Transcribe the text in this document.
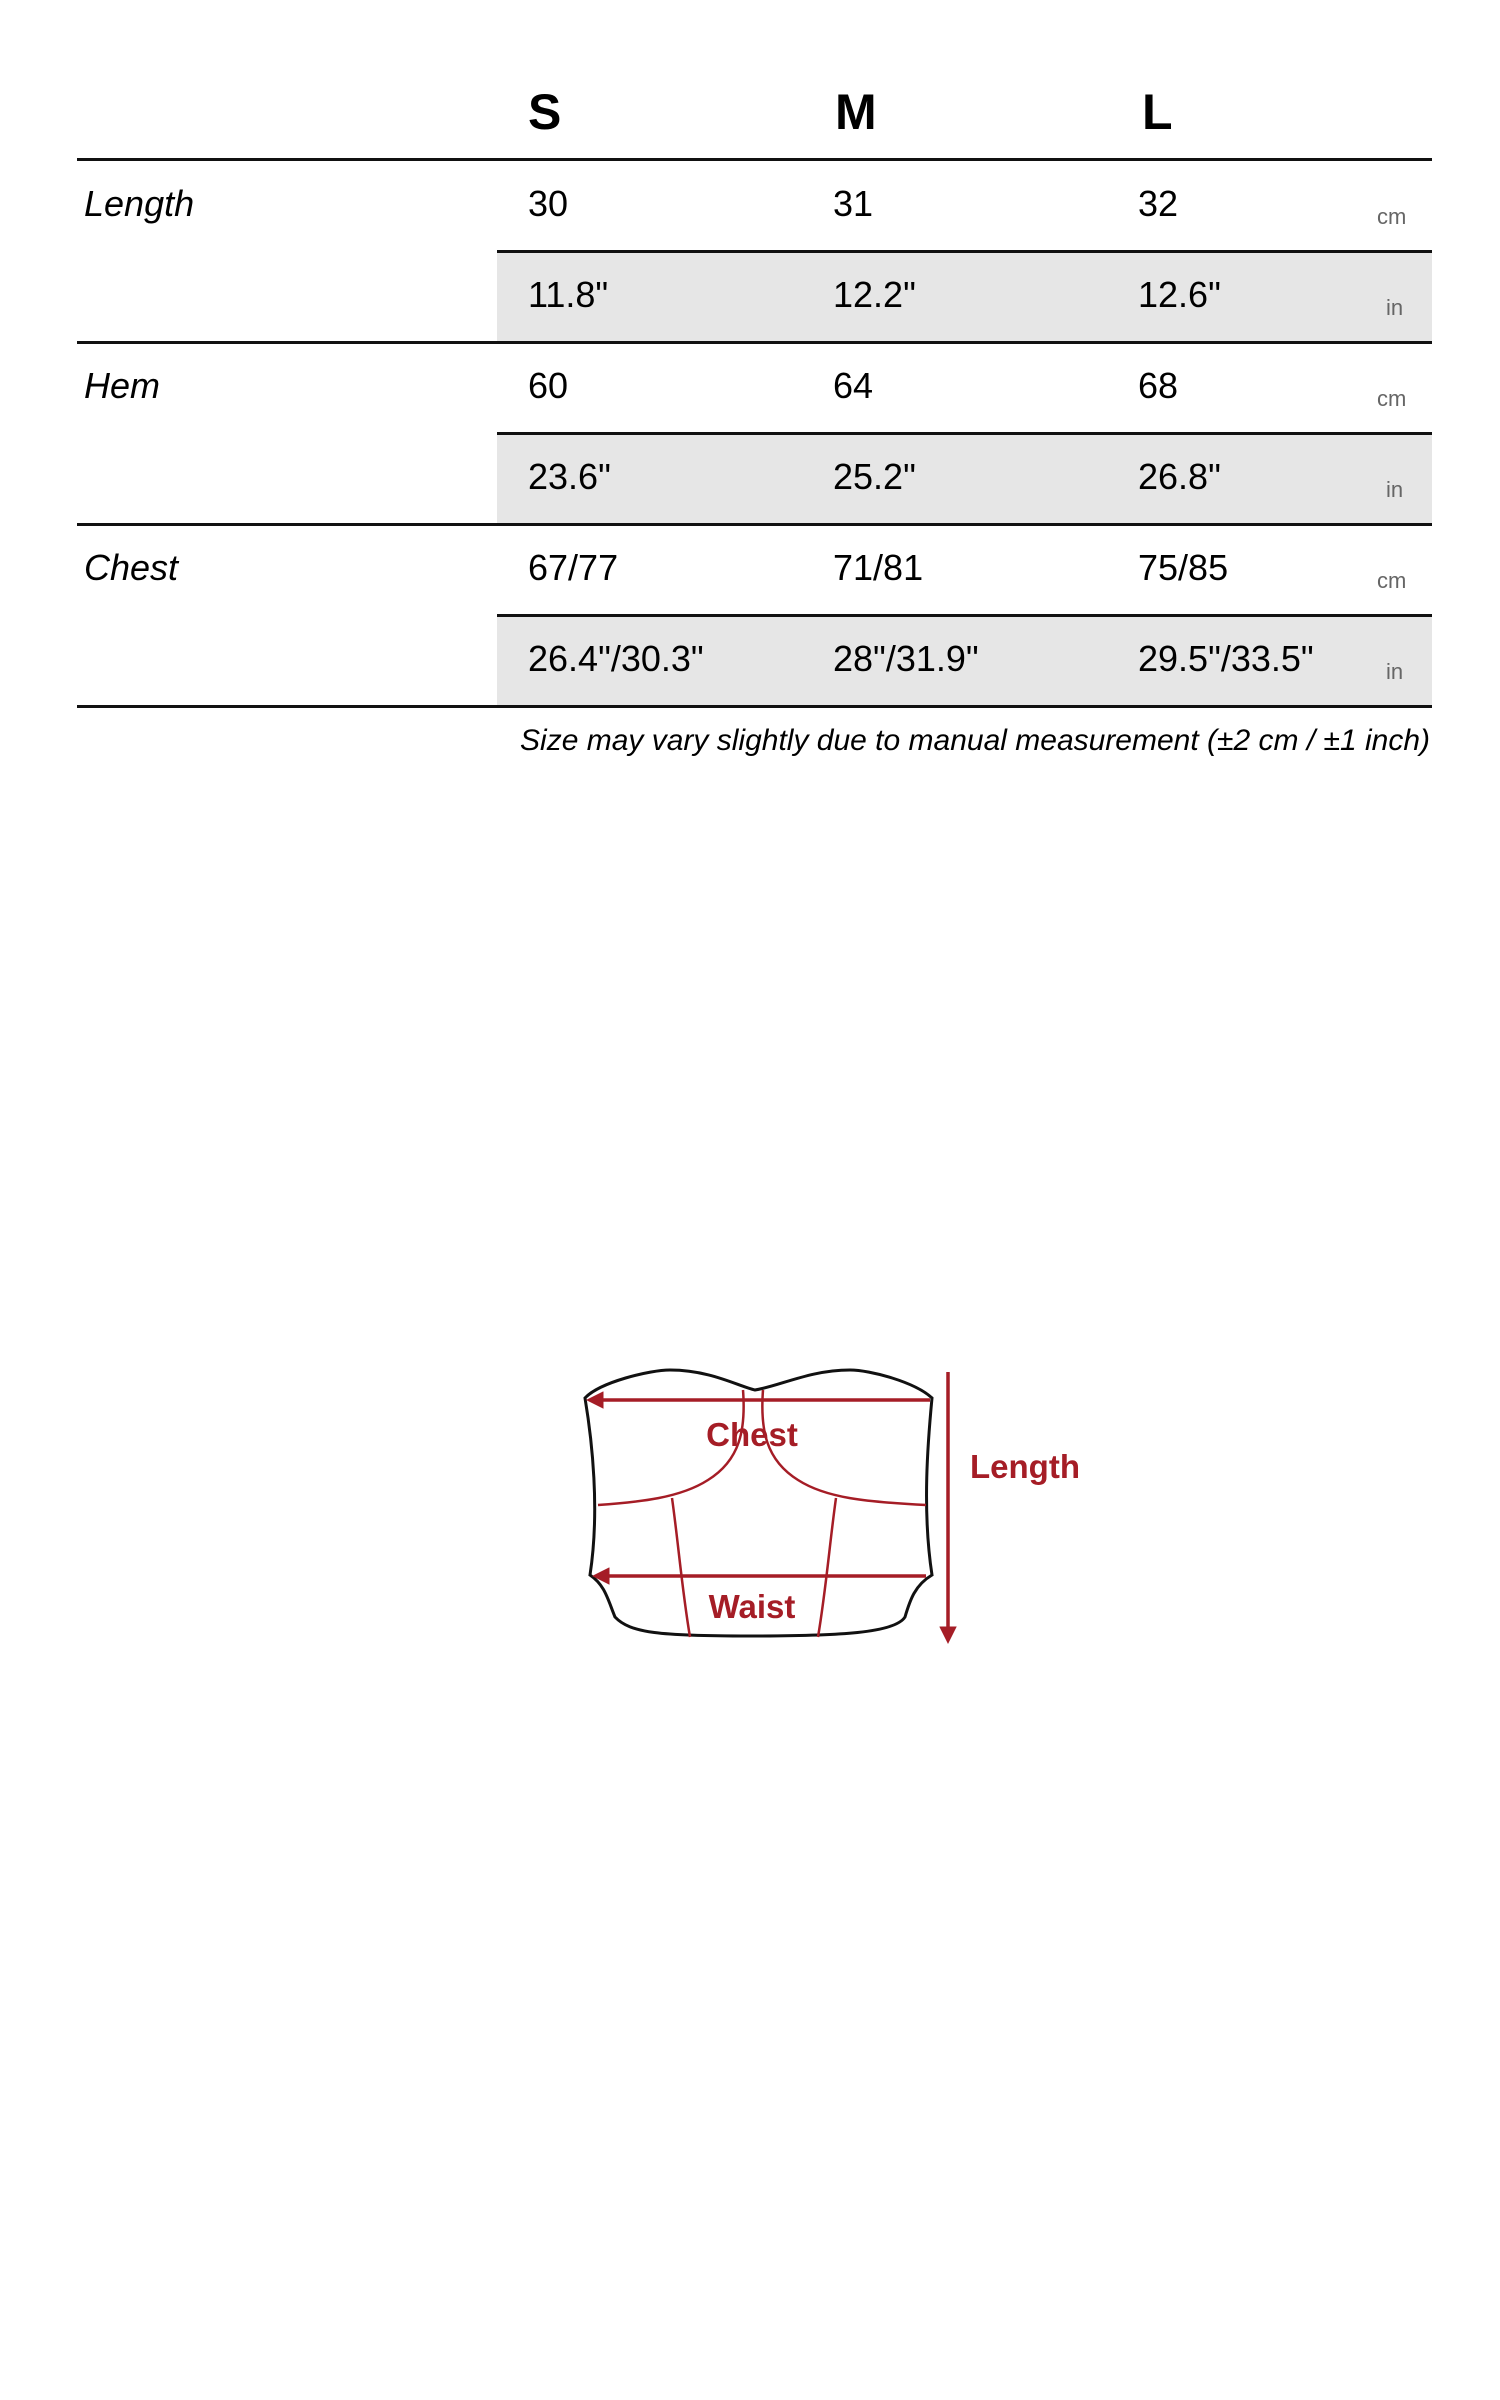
S	M	L
Length	30	31	32	cm
11.8"	12.2"	12.6"	in
Hem	60	64	68	cm
23.6"	25.2"	26.8"	in
Chest	67/77	71/81	75/85	cm
26.4"/30.3"	28"/31.9"	29.5"/33.5"	in
Size may vary slightly due to manual measurement (±2 cm / ±1 inch)
Chest
Waist
Length
